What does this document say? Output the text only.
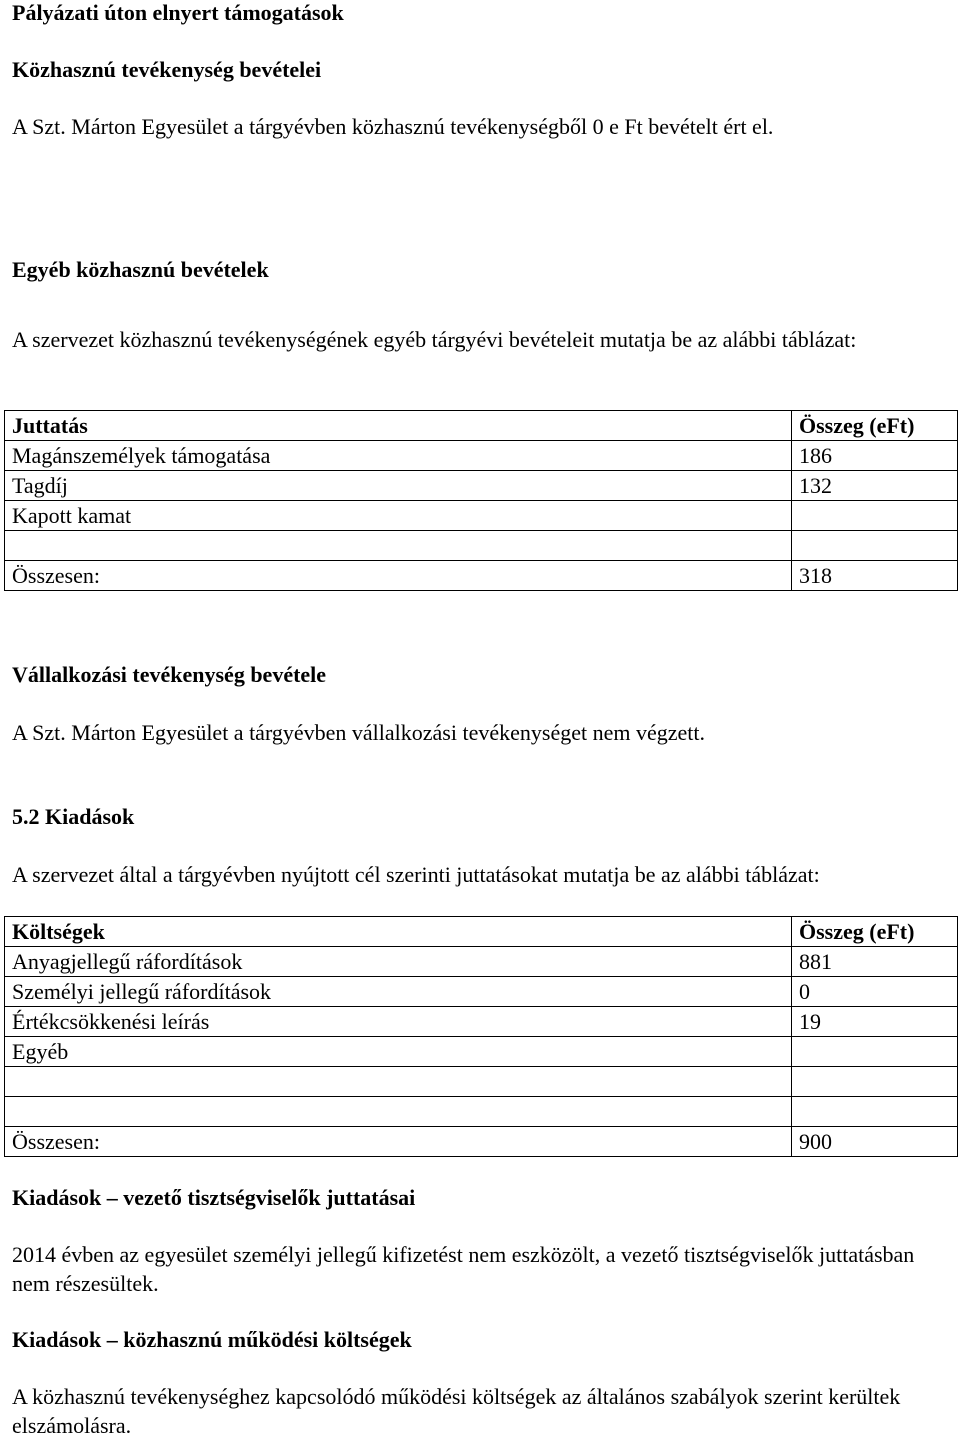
Pályázati úton elnyert támogatások
Közhasznú tevékenység bevételei
A Szt. Márton Egyesület a tárgyévben közhasznú tevékenységből 0 e Ft bevételt ért el.
Egyéb közhasznú bevételek
A szervezet közhasznú tevékenységének egyéb tárgyévi bevételeit mutatja be az alábbi táblázat:
Juttatás	Összeg (eFt)
Magánszemélyek támogatása	186
Tagdíj	132
Kapott kamat	

Összesen:	318
Vállalkozási tevékenység bevétele
A Szt. Márton Egyesület a tárgyévben vállalkozási tevékenységet nem végzett.
5.2 Kiadások
A szervezet által a tárgyévben nyújtott cél szerinti juttatásokat mutatja be az alábbi táblázat:
Költségek	Összeg (eFt)
Anyagjellegű ráfordítások	881
Személyi jellegű ráfordítások	0
Értékcsökkenési leírás	19
Egyéb	

Összesen:	900
Kiadások – vezető tisztségviselők juttatásai
2014 évben az egyesület személyi jellegű kifizetést nem eszközölt, a vezető tisztségviselők juttatásban nem részesültek.
Kiadások – közhasznú működési költségek
A közhasznú tevékenységhez kapcsolódó működési költségek az általános szabályok szerint kerültek elszámolásra.
